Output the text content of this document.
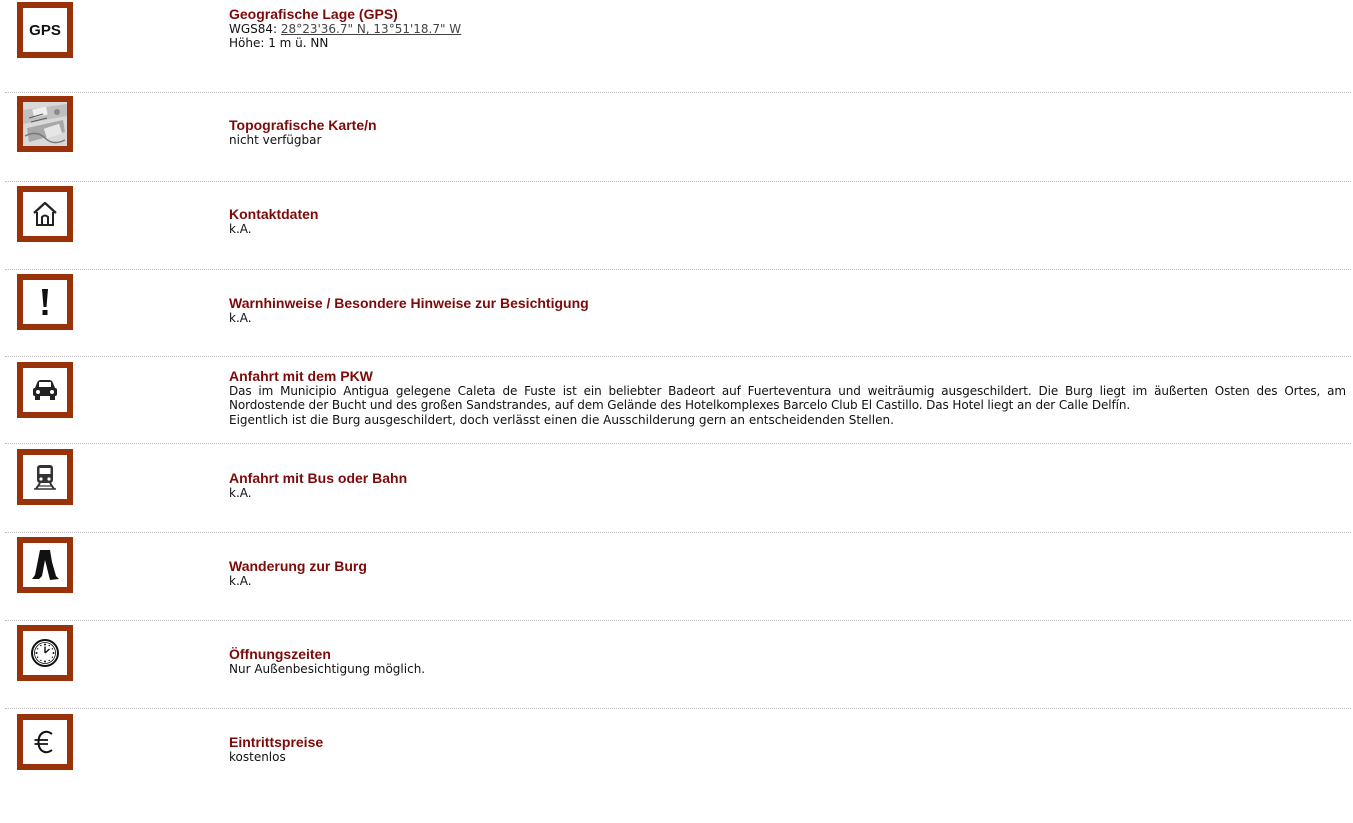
GPS
Geografische Lage (GPS)
WGS84: 28°23'36.7" N, 13°51'18.7" W
Höhe: 1 m ü. NN
Topografische Karte/n
nicht verfügbar
Kontaktdaten
k.A.
Warnhinweise / Besondere Hinweise zur Besichtigung
k.A.
Anfahrt mit dem PKW
Das im Municipio Antigua gelegene Caleta de Fuste ist ein beliebter Badeort auf Fuerteventura und weiträumig ausgeschildert. Die Burg liegt im äußerten Osten des Ortes, am Nordostende der Bucht und des großen Sandstrandes, auf dem Gelände des Hotelkomplexes Barcelo Club El Castillo. Das Hotel liegt an der Calle Delfín.
Eigentlich ist die Burg ausgeschildert, doch verlässt einen die Ausschilderung gern an entscheidenden Stellen.
Anfahrt mit Bus oder Bahn
k.A.
Wanderung zur Burg
k.A.
Öffnungszeiten
Nur Außenbesichtigung möglich.
Eintrittspreise
kostenlos
